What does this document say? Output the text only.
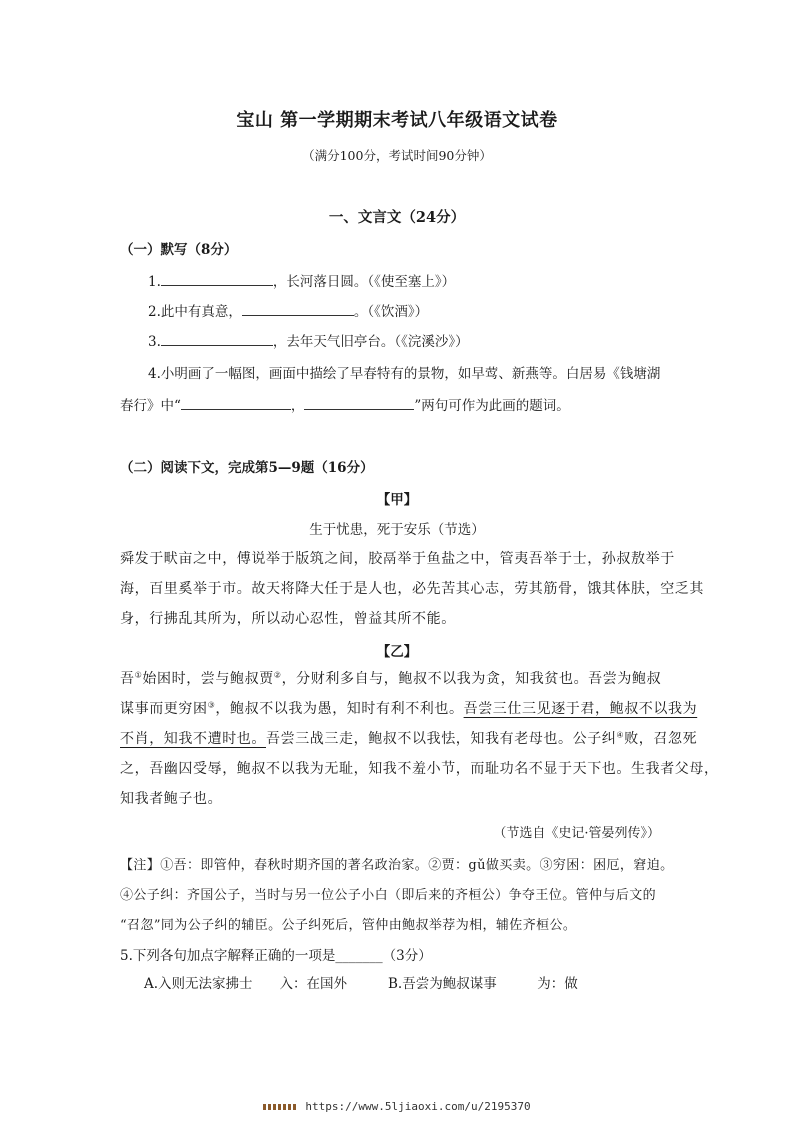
宝山 第一学期期末考试八年级语文试卷
（满分100分，考试时间90分钟）
一、文言文（24分）
（一）默写（8分）
1.	，长河落日圆。（《使至塞上》）
2.此中有真意，	。（《饮酒》）
3.	，去年天气旧亭台。（《浣溪沙》）
4.小明画了一幅图，画面中描绘了早春特有的景物，如早莺、新燕等。白居易《钱塘湖
春行》中“	，	”两句可作为此画的题词。
（二）阅读下文，完成第5—9题（16分）
【甲】
生于忧患，死于安乐（节选）
舜发于畎亩之中，傅说举于版筑之间，胶鬲举于鱼盐之中，管夷吾举于士，孙叔敖举于
海，百里奚举于市。故天将降大任于是人也，必先苦其心志，劳其筋骨，饿其体肤，空乏其
身，行拂乱其所为，所以动心忍性，曾益其所不能。
【乙】
吾①始困时，尝与鲍叔贾②，分财利多自与，鲍叔不以我为贪，知我贫也。吾尝为鲍叔
谋事而更穷困③，鲍叔不以我为愚，知时有利不利也。吾尝三仕三见逐于君，鲍叔不以我为
不肖，知我不遭时也。吾尝三战三走，鲍叔不以我怯，知我有老母也。公子纠④败，召忽死
之，吾幽囚受辱，鲍叔不以我为无耻，知我不羞小节，而耻功名不显于天下也。生我者父母，
知我者鲍子也。
（节选自《史记·管晏列传》）
【注】①吾：即管仲，春秋时期齐国的著名政治家。②贾：gǔ做买卖。③穷困：困厄，窘迫。
④公子纠：齐国公子，当时与另一位公子小白（即后来的齐桓公）争夺王位。管仲与后文的
“召忽”同为公子纠的辅臣。公子纠死后，管仲由鲍叔举荐为相，辅佐齐桓公。
5.下列各句加点字解释正确的一项是_______（3分）
A.入则无法家拂士　　入：在国外	B.吾尝为鲍叔谋事　　　为：做
https://www.5ljiaoxi.com/u/2195370
